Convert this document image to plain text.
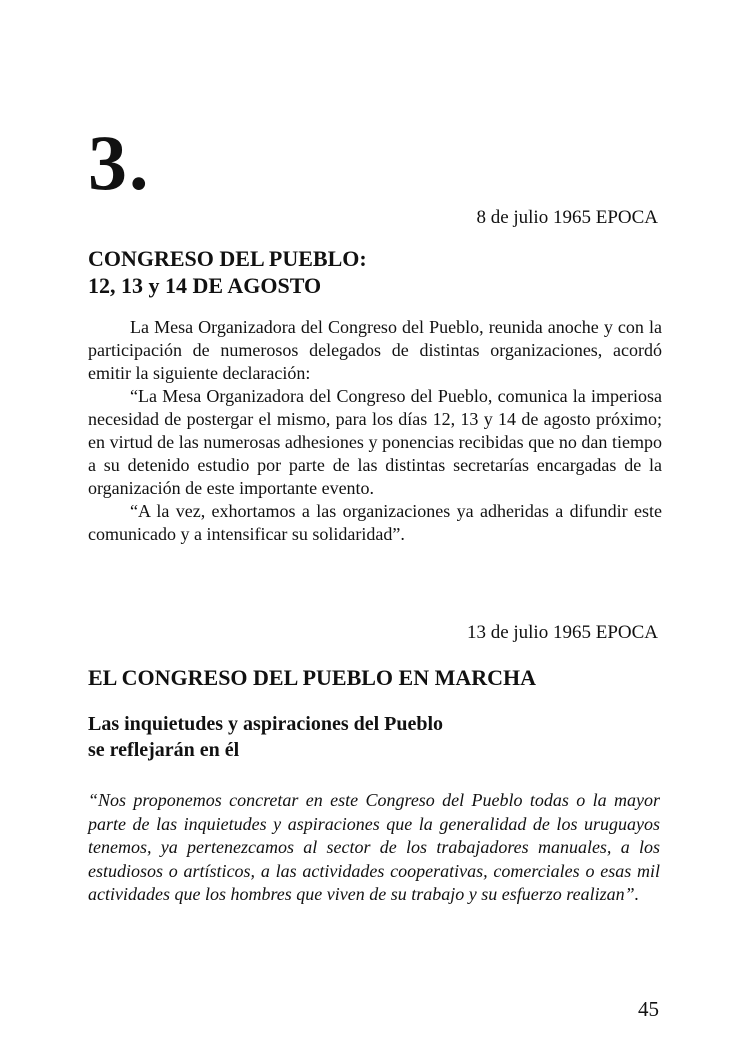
3.
8 de julio 1965 EPOCA
CONGRESO DEL PUEBLO:
12, 13 y 14 DE AGOSTO

La Mesa Organizadora del Congreso del Pueblo, reunida anoche y con la participación de numerosos delegados de distintas organizaciones, acordó emitir la siguiente declaración:

“La Mesa Organizadora del Congreso del Pueblo, comunica la imperiosa necesidad de postergar el mismo, para los días 12, 13 y 14 de agosto próximo; en virtud de las numerosas adhesiones y ponencias recibidas que no dan tiempo a su detenido estudio por parte de las distintas secretarías encargadas de la organización de este importante evento.

“A la vez, exhortamos a las organizaciones ya adheridas a difundir este comunicado y a intensificar su solidaridad”.

13 de julio 1965 EPOCA
EL CONGRESO DEL PUEBLO EN MARCHA
Las inquietudes y aspiraciones del Pueblo
se reflejarán en él

“Nos proponemos concretar en este Congreso del Pueblo todas o la mayor parte de las inquietudes y aspiraciones que la generalidad de los uruguayos tenemos, ya pertenezcamos al sector de los trabajadores manuales, a los estudiosos o artísticos, a las actividades cooperativas, comerciales o esas mil actividades que los hombres que viven de su trabajo y su esfuerzo realizan”.

45
